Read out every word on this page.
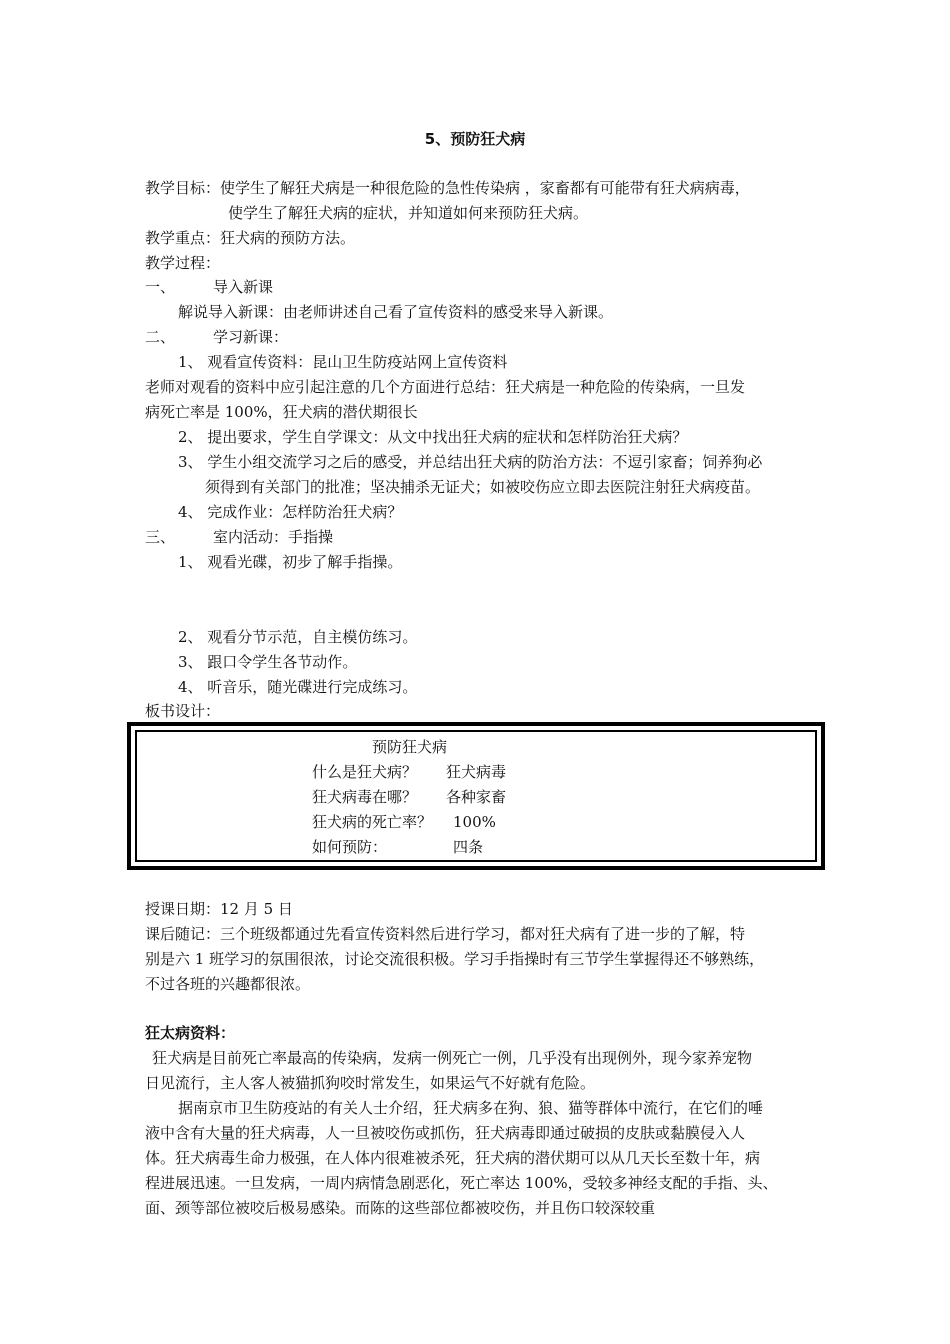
5、预防狂犬病
教学目标：使学生了解狂犬病是一种很危险的急性传染病 ，家畜都有可能带有狂犬病病毒，
使学生了解狂犬病的症状，并知道如何来预防狂犬病。
教学重点：狂犬病的预防方法。
教学过程：
一、	导入新课
解说导入新课：由老师讲述自己看了宣传资料的感受来导入新课。
二、	学习新课：
1、 观看宣传资料：昆山卫生防疫站网上宣传资料
老师对观看的资料中应引起注意的几个方面进行总结：狂犬病是一种危险的传染病，一旦发
病死亡率是 100%，狂犬病的潜伏期很长
2、 提出要求，学生自学课文：从文中找出狂犬病的症状和怎样防治狂犬病？
3、 学生小组交流学习之后的感受，并总结出狂犬病的防治方法：不逗引家畜；饲养狗必
须得到有关部门的批准；坚决捕杀无证犬；如被咬伤应立即去医院注射狂犬病疫苗。
4、 完成作业：怎样防治狂犬病？
三、	室内活动：手指操
1、 观看光碟，初步了解手指操。
2、 观看分节示范，自主模仿练习。
3、 跟口令学生各节动作。
4、 听音乐，随光碟进行完成练习。
板书设计：
预防狂犬病
什么是狂犬病？ 狂犬病毒
狂犬病毒在哪？ 各种家畜
狂犬病的死亡率？ 100%
如何预防：	四条
授课日期：12 月 5 日
课后随记：三个班级都通过先看宣传资料然后进行学习，都对狂犬病有了进一步的了解，特
别是六 1 班学习的氛围很浓，讨论交流很积极。学习手指操时有三节学生掌握得还不够熟练，
不过各班的兴趣都很浓。
狂太病资料：
狂犬病是目前死亡率最高的传染病，发病一例死亡一例，几乎没有出现例外，现今家养宠物
日见流行，主人客人被猫抓狗咬时常发生，如果运气不好就有危险。
据南京市卫生防疫站的有关人士介绍，狂犬病多在狗、狼、猫等群体中流行，在它们的唾
液中含有大量的狂犬病毒，人一旦被咬伤或抓伤，狂犬病毒即通过破损的皮肤或黏膜侵入人
体。狂犬病毒生命力极强，在人体内很难被杀死，狂犬病的潜伏期可以从几天长至数十年，病
程进展迅速。一旦发病，一周内病情急剧恶化，死亡率达 100%，受较多神经支配的手指、头、
面、颈等部位被咬后极易感染。而陈的这些部位都被咬伤，并且伤口较深较重
